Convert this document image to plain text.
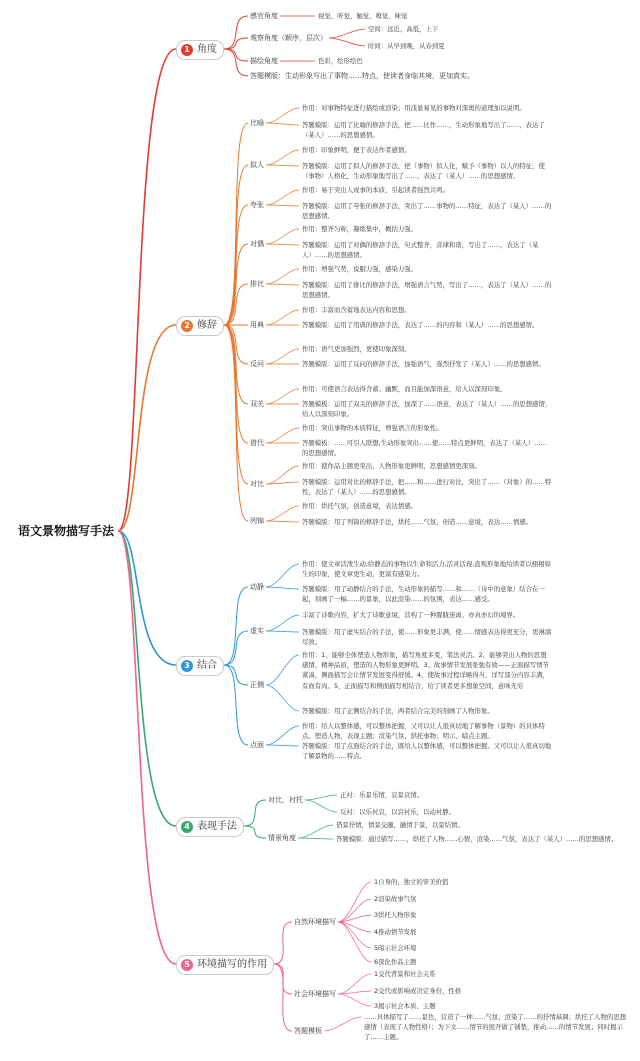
语文景物描写手法
1 角度
感官角度	视觉、听觉、触觉、嗅觉、味觉
观察角度（顺序，层次）
空间：远近，高低，上下
时间：从早到晚，从春到夏
描绘角度	色彩，绘形绘色
答题模版：生动形象写出了事物……特点，使读者身临其境，更加真实。
2 修辞
比喻
作用：对事物特征进行描绘或渲染；用浅显易见的事物对深奥的道理加以说明。
答题模版：运用了比喻的修辞手法，把……比作……，生动形象地写出了……，表达了（某人）……的思想感情。
拟人
作用：印象鲜明，便于表达作者感情。
答题模版：运用了拟人的修辞手法，把（事物）拟人化，赋予（事物）以人的特征，使（事物）人格化，生动形象地写出了……，表达了（某人）……的思想感情。
夸张
作用：易于突出人或事的本质，引起读者强烈共鸣。
答题模版：运用了夸张的修辞手法，突出了……事物的……特征，表达了（某人）……的思想感情。
对偶
作用：整齐匀称，凝练集中，概括力强。
答题模版：运用了对偶的修辞手法，句式整齐，音律和谐，写出了……，表达了（某人）……的思想感情。
排比
作用：增强气势，说服力强，感染力强。
答题模版：运用了排比的修辞手法，增强语言气势，写出了……，表达了（某人）……的思想感情。
用典
作用：丰富而含蓄地表达内容和思想。
答题模版：运用了用典的修辞手法，表达了……的内容和（某人）……的思想感情。
反问
作用：语气更加强烈，更使印象深刻。
答题模版：运用了反问的修辞手法，加强语气，强烈抒发了（某人）……的思想感情。
双关
作用：可使语言表达得含蓄、幽默，而且能加深语意，给人以深刻印象。
答题模板：运用了双关的修辞手法，加深了……语意，表达了（某人）……的思想感情，给人以深刻印象。
借代
作用：突出事物的本质特征，增强语言的形象性。
答题模板：……可引人联想,生动形象突出……使……特点更鲜明，表达了（某人）……的思想感情。
对比
作用：使作品主题更突出，人物形象更鲜明，思想感情更深刻。
答题模版：运用对比的修辞手法，把……和……进行对比，突出了……（对象）的……特性，表达了（某人）……的思想感情。
列锦
作用：烘托气氛，创造意境，表达情感。
答题模版：用了列锦的修辞手法，烘托……气氛，创造……意境，表达……情感。
3 结合
动静
作用：使文章活泼生动,给静态的事物以生命和活力,活灵活现,直观形象地给读者以栩栩如生的印象，使文章更生动，更富有感染力。
答题模版：用了动静结合的手法，生动形象的描写……和……（诗中的意象）结合在一起，刻画了一幅……的景象，以此渲染……的氛围，表达……感受。
虚实
丰富了诗歌内容，扩大了诗歌意境，营构了一种朦胧迷离、亦真亦幻的境界。
答题模版：用了虚实结合的手法，使……形象更丰满，使……情感表达得更充分，更淋漓尽致。
正侧
作用：1、能够全体塑造人物形象，描写角度多变，笔法灵活。2、能够突出人物的思想感情、精神品质，塑造的人物形象更鲜明。3、故事情节发展张弛有致——正面描写情节紧凑，侧面描写会让情节发展变得舒缓。4、使故事过程详略得当，详写部分内容丰满，有血有肉。5、正面描写和侧面描写相结合，给了读者更多想象空间，意味无穷
答题模版：用了正侧结合的手法，两者结合完美的刻画了人物形象。
点面
作用：给人以整体感，可以整体把握，又可以让人很真切地了解事物（景物）的具体特点。塑造人物，表现主题；渲染气氛，烘托事物；明示、暗点主题。
答题模版：用了点面结合的手法，既给人以整体感，可以整体把握。又可以让人很真切地了解景物的……特点。
4 表现手法
对比，衬托
正衬：乐景乐情，哀景哀情。
反衬：以乐衬哀，以哀衬乐，以动衬静。
情景角度
借景抒情，情景交融，融情于景，以景结情。
答题模版：通过描写……，烘托了人物……心情，渲染……气氛，表达了（某人）……的思想感情。
5 环境描写的作用
自然环境描写
1自身的，独立的审美价值
2渲染故事气氛
3烘托人物形象
4推动情节发展
5暗示社会环境
6深化作品主题
社会环境描写
1交代背景和社会关系
2交代或影响或决定身份，性格
3揭示社会本质、主题
答题模板
……具体描写了……景色，营造了一种……气氛；渲染了……的抒情基调；烘托了人物的思想感情（表现了人物性格）；为下文……情节的展开做了铺垫，推动……的情节发展；同时揭示了……主题。
